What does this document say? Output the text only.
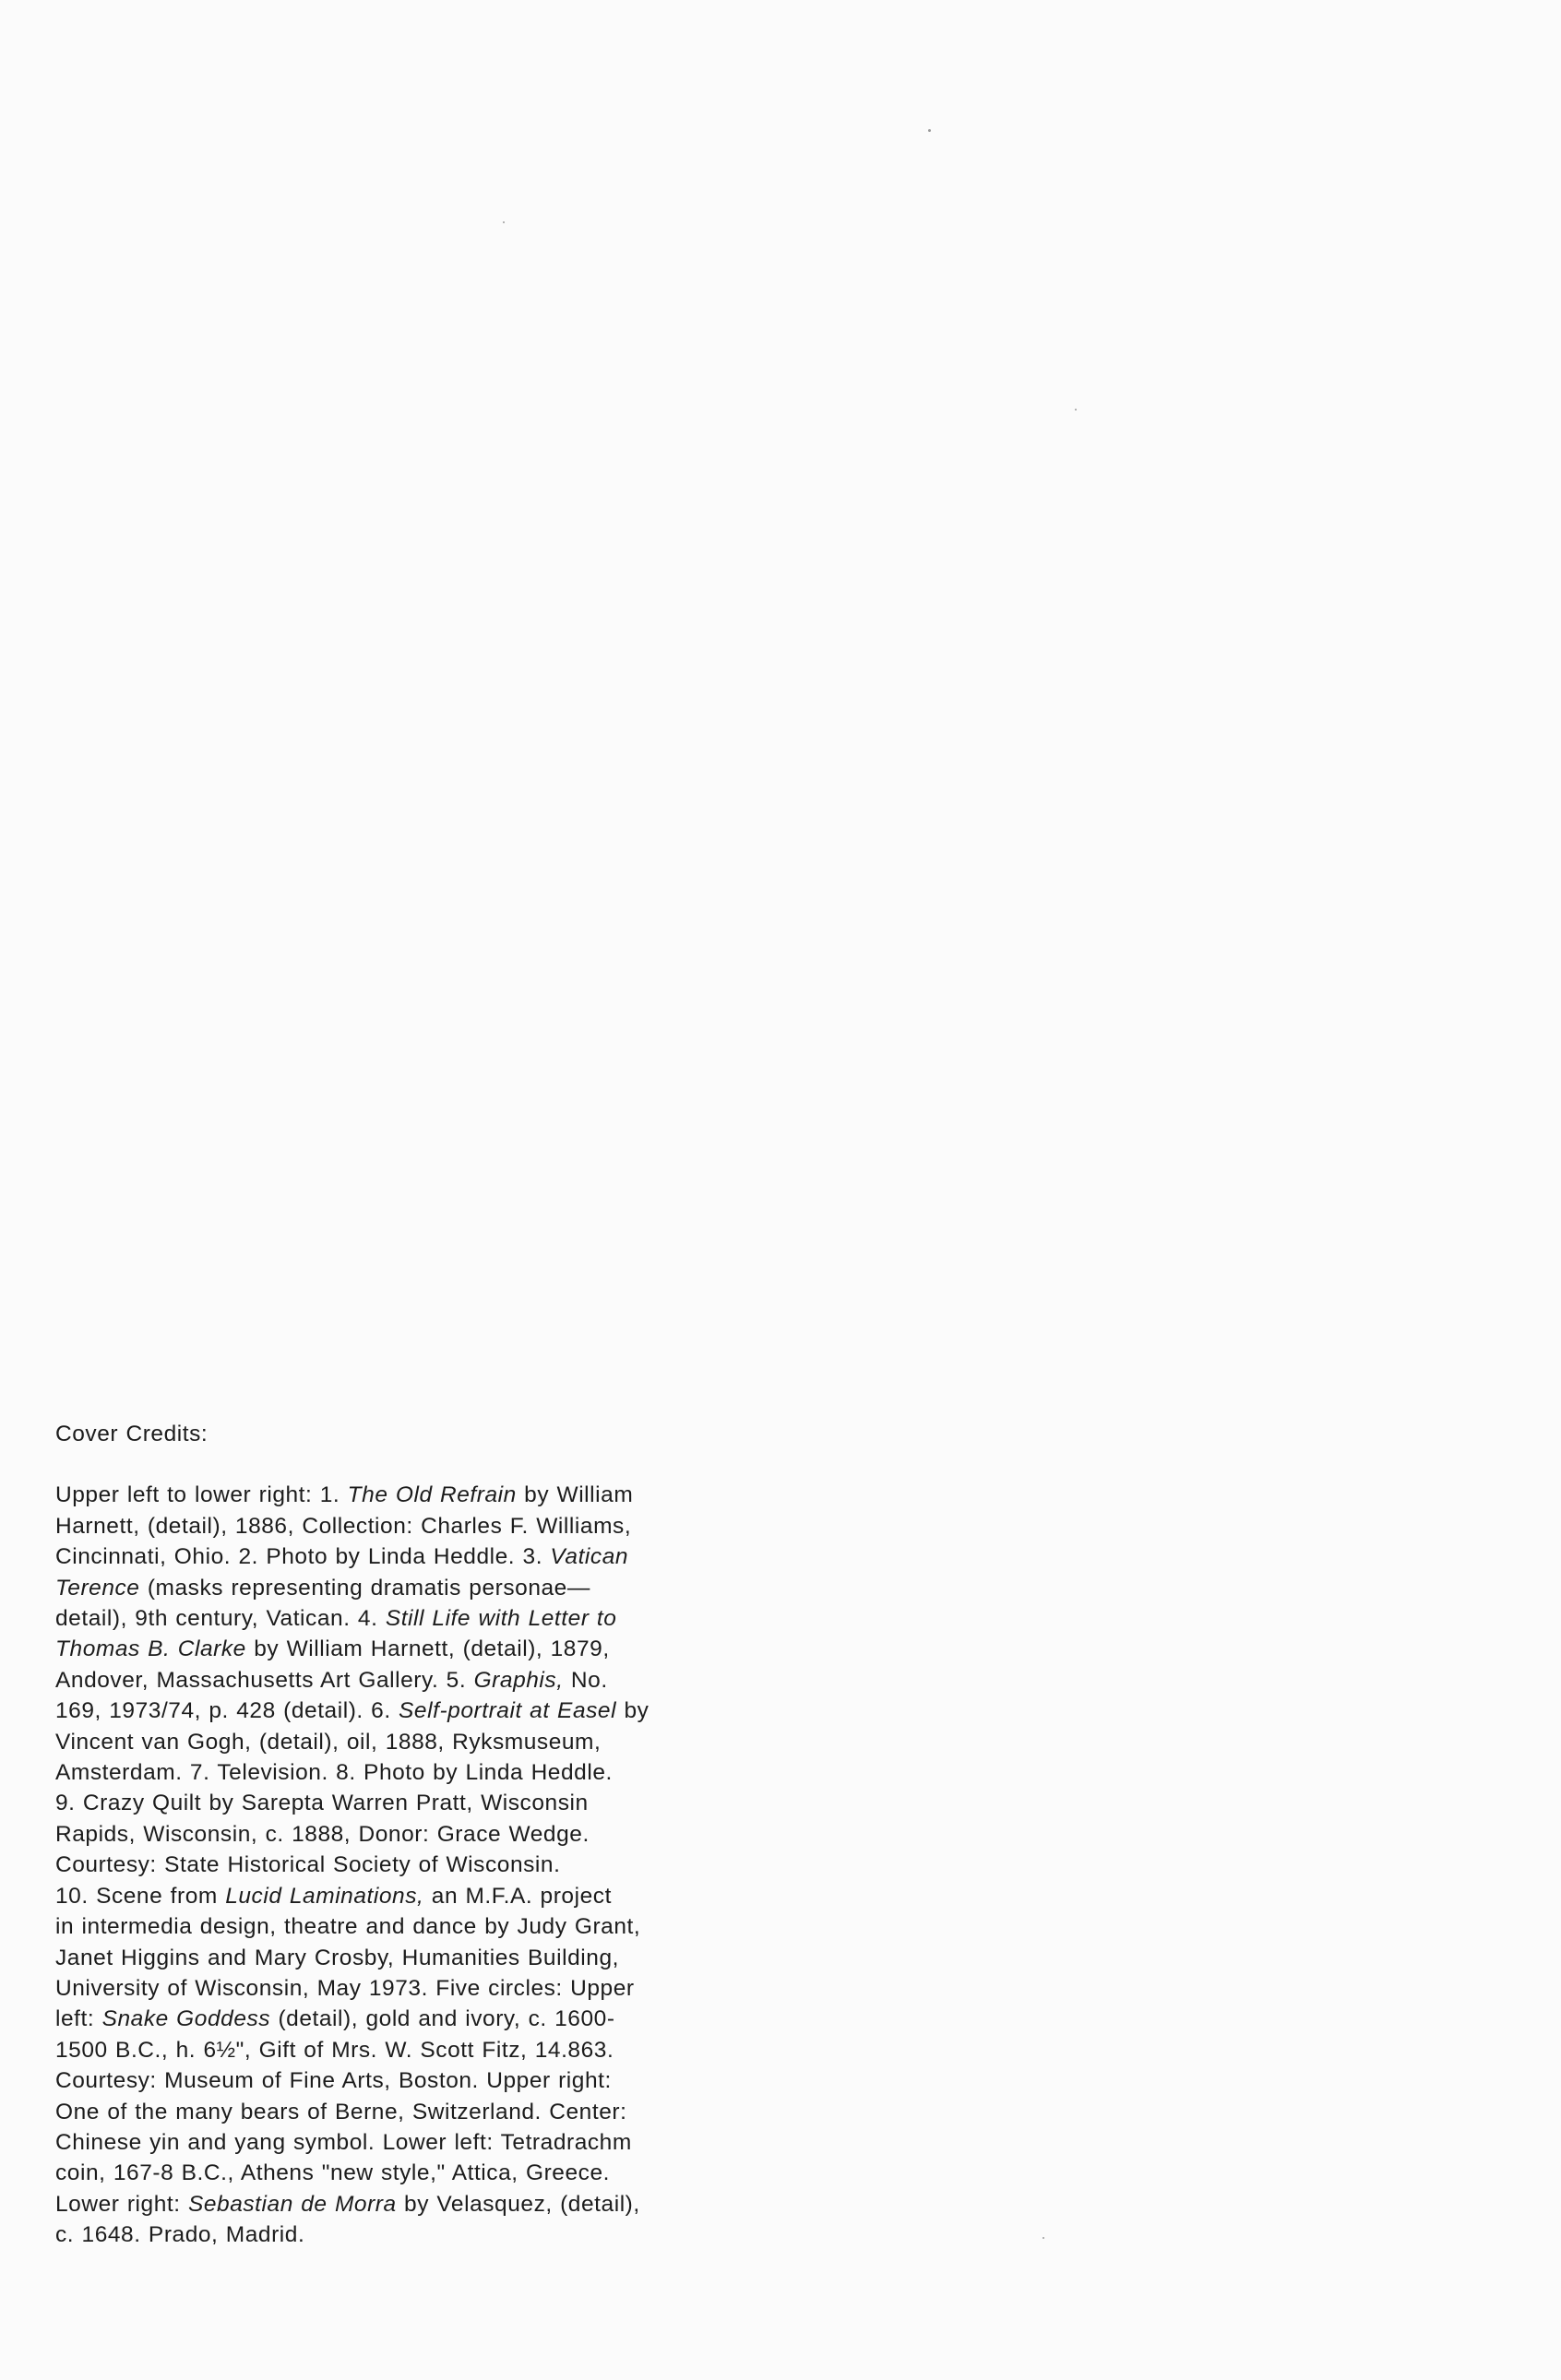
Cover Credits:

Upper left to lower right: 1. The Old Refrain by William
Harnett, (detail), 1886, Collection: Charles F. Williams,
Cincinnati, Ohio. 2. Photo by Linda Heddle. 3. Vatican
Terence (masks representing dramatis personae—
detail), 9th century, Vatican. 4. Still Life with Letter to
Thomas B. Clarke by William Harnett, (detail), 1879,
Andover, Massachusetts Art Gallery. 5. Graphis, No.
169, 1973/74, p. 428 (detail). 6. Self-portrait at Easel by
Vincent van Gogh, (detail), oil, 1888, Ryksmuseum,
Amsterdam. 7. Television. 8. Photo by Linda Heddle.
9. Crazy Quilt by Sarepta Warren Pratt, Wisconsin
Rapids, Wisconsin, c. 1888, Donor: Grace Wedge.
Courtesy: State Historical Society of Wisconsin.
10. Scene from Lucid Laminations, an M.F.A. project
in intermedia design, theatre and dance by Judy Grant,
Janet Higgins and Mary Crosby, Humanities Building,
University of Wisconsin, May 1973. Five circles: Upper
left: Snake Goddess (detail), gold and ivory, c. 1600-
1500 B.C., h. 6½", Gift of Mrs. W. Scott Fitz, 14.863.
Courtesy: Museum of Fine Arts, Boston. Upper right:
One of the many bears of Berne, Switzerland. Center:
Chinese yin and yang symbol. Lower left: Tetradrachm
coin, 167-8 B.C., Athens "new style," Attica, Greece.
Lower right: Sebastian de Morra by Velasquez, (detail),
c. 1648. Prado, Madrid.
